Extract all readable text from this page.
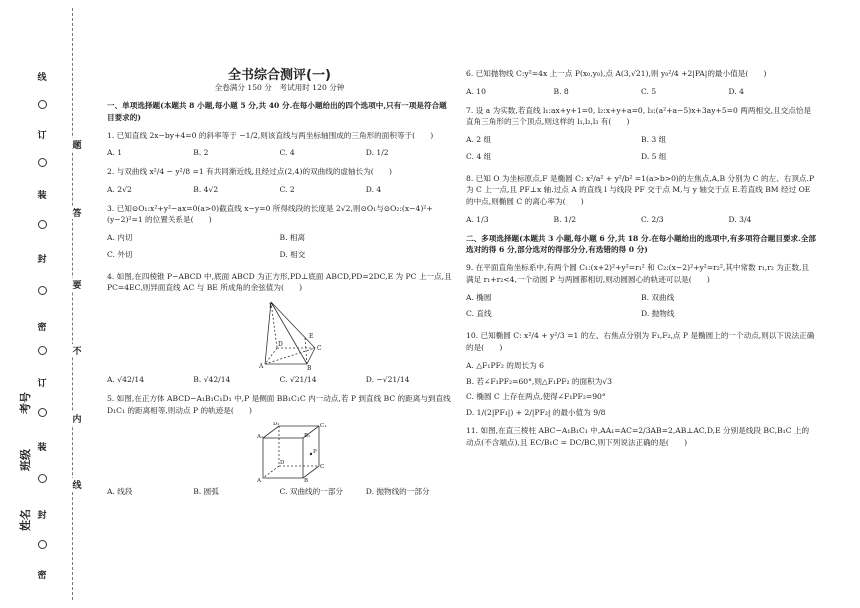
线
订
装
封
密
题
答
要
不
内
线
订
装
封
密
考号
班级
姓名
全书综合测评(一)
全卷满分 150 分　考试用时 120 分钟

一、单项选择题(本题共 8 小题,每小题 5 分,共 40 分.在每小题给出的四个选项中,只有一项是符合题目要求的)

1. 已知直线 2x−by+4=0 的斜率等于 −1/2,则该直线与两坐标轴围成的三角形的面积等于(　　)

A. 1	B. 2	C. 4	D. 1/2

2. 与双曲线 x²/4 − y²/8 =1 有共同渐近线,且经过点(2,4)的双曲线的虚轴长为(　　)

A. 2√2	B. 4√2	C. 2	D. 4

3. 已知⊙O₁:x²+y²−ax=0(a>0)截直线 x−y=0 所得线段的长度是 2√2,则⊙O₁与⊙O₂:(x−4)²+(y−2)²=1 的位置关系是(　　)

A. 内切	B. 相离
C. 外切	D. 相交

4. 如图,在四棱锥 P−ABCD 中,底面 ABCD 为正方形,PD⊥底面 ABCD,PD=2DC,E 为 PC 上一点,且 PC=4EC,则异面直线 AC 与 BE 所成角的余弦值为(　　)

P
D
C
A	B
E
A. √42/14	B. √42/14	C. √21/14	D. −√21/14

5. 如图,在正方体 ABCD−A₁B₁C₁D₁ 中,P 是侧面 BB₁C₁C 内一动点,若 P 到直线 BC 的距离与到直线 D₁C₁ 的距离相等,则动点 P 的轨迹是(　　)

D₁	C₁
A₁	B₁
D
C
A	B
P
A. 线段	B. 圆弧	C. 双曲线的一部分	D. 抛物线的一部分

6. 已知抛物线 C:y²=4x 上一点 P(x₀,y₀),点 A(3,√21),则 y₀²/4 +2|PA|的最小值是(　　)

A. 10	B. 8	C. 5	D. 4

7. 设 a 为实数,若直线 l₁:ax+y+1=0, l₂:x+y+a=0, l₃:(a²+a−5)x+3ay+5=0 两两相交,且交点恰是直角三角形的三个顶点,则这样的 l₁,l₂,l₃ 有(　　)

A. 2 组	B. 3 组
C. 4 组	D. 5 组

8. 已知 O 为坐标原点,F 是椭圆 C: x²/a² + y²/b² =1(a>b>0)的左焦点,A,B 分别为 C 的左、右顶点.P 为 C 上一点,且 PF⊥x 轴.过点 A 的直线 l 与线段 PF 交于点 M,与 y 轴交于点 E.若直线 BM 经过 OE 的中点,则椭圆 C 的离心率为(　　)

A. 1/3	B. 1/2	C. 2/3	D. 3/4

二、多项选择题(本题共 3 小题,每小题 6 分,共 18 分.在每小题给出的选项中,有多项符合题目要求.全部选对的得 6 分,部分选对的得部分分,有选错的得 0 分)

9. 在平面直角坐标系中,有两个圆 C₁:(x+2)²+y²=r₁² 和 C₂:(x−2)²+y²=r₂²,其中常数 r₁,r₂ 为正数,且满足 r₁+r₂<4,一个动圆 P 与两圆都相切,则动圆圆心的轨迹可以是(　　)

A. 椭圆	B. 双曲线
C. 直线	D. 抛物线

10. 已知椭圆 C: x²/4 + y²/3 =1 的左、右焦点分别为 F₁,F₂,点 P 是椭圆上的一个动点,则以下说法正确的是(　　)

A. △F₁PF₂ 的周长为 6

B. 若∠F₁PF₂=60°,则△F₁PF₂ 的面积为√3

C. 椭圆 C 上存在两点,使得∠F₁PF₂=90°

D. 1/(2|PF₁|) + 2/|PF₂| 的最小值为 9/8

11. 如图,在直三棱柱 ABC−A₁B₁C₁ 中,AA₁=AC=2/3AB=2,AB⊥AC,D,E 分别是线段 BC,B₁C 上的动点(不含端点),且 EC/B₁C = DC/BC,则下列说法正确的是(　　)
